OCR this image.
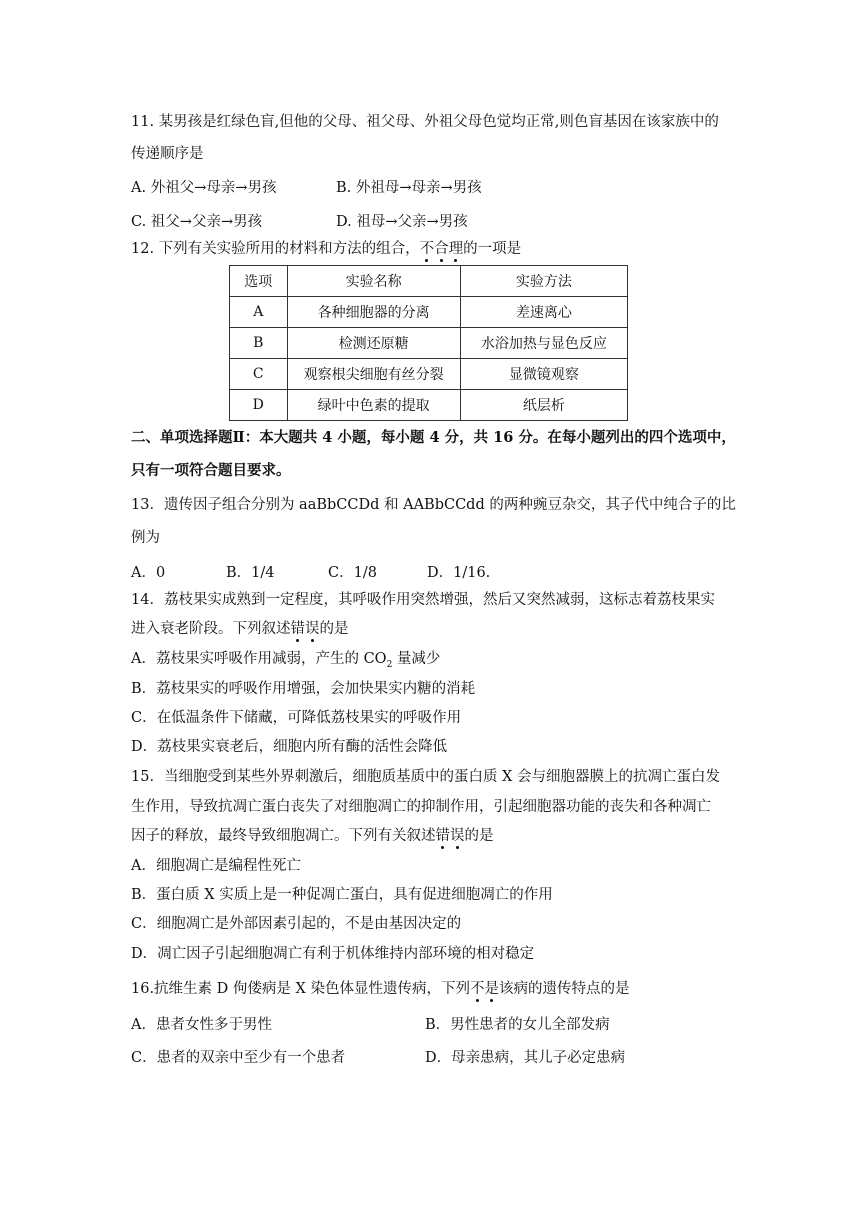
11. 某男孩是红绿色盲,但他的父母、祖父母、外祖父母色觉均正常,则色盲基因在该家族中的
传递顺序是
A. 外祖父→母亲→男孩	B. 外祖母→母亲→男孩
C. 祖父→父亲→男孩	D. 祖母→父亲→男孩
12. 下列有关实验所用的材料和方法的组合，不合理的一项是
选项	实验名称	实验方法
A	各种细胞器的分离	差速离心
B	检测还原糖	水浴加热与显色反应
C	观察根尖细胞有丝分裂	显微镜观察
D	绿叶中色素的提取	纸层析
二、单项选择题Ⅱ：本大题共 4 小题，每小题 4 分，共 16 分。在每小题列出的四个选项中，
只有一项符合题目要求。
13．遗传因子组合分别为 aaBbCCDd 和 AABbCCdd 的两种豌豆杂交，其子代中纯合子的比
例为
A．0	B．1/4	C．1/8	D．1/16.
14．荔枝果实成熟到一定程度，其呼吸作用突然增强，然后又突然减弱，这标志着荔枝果实
进入衰老阶段。下列叙述错误的是
A．荔枝果实呼吸作用减弱，产生的 $CO_2$ 量减少
B．荔枝果实的呼吸作用增强，会加快果实内糖的消耗
C．在低温条件下储藏，可降低荔枝果实的呼吸作用
D．荔枝果实衰老后，细胞内所有酶的活性会降低
15．当细胞受到某些外界刺激后，细胞质基质中的蛋白质 X 会与细胞器膜上的抗凋亡蛋白发
生作用，导致抗凋亡蛋白丧失了对细胞凋亡的抑制作用，引起细胞器功能的丧失和各种凋亡
因子的释放，最终导致细胞凋亡。下列有关叙述错误的是
A．细胞凋亡是编程性死亡
B．蛋白质 X 实质上是一种促凋亡蛋白，具有促进细胞凋亡的作用
C．细胞凋亡是外部因素引起的，不是由基因决定的
D．凋亡因子引起细胞凋亡有利于机体维持内部环境的相对稳定
16.抗维生素 D 佝偻病是 X 染色体显性遗传病，下列不是该病的遗传特点的是
A．患者女性多于男性	B．男性患者的女儿全部发病
C．患者的双亲中至少有一个患者	D．母亲患病，其儿子必定患病
